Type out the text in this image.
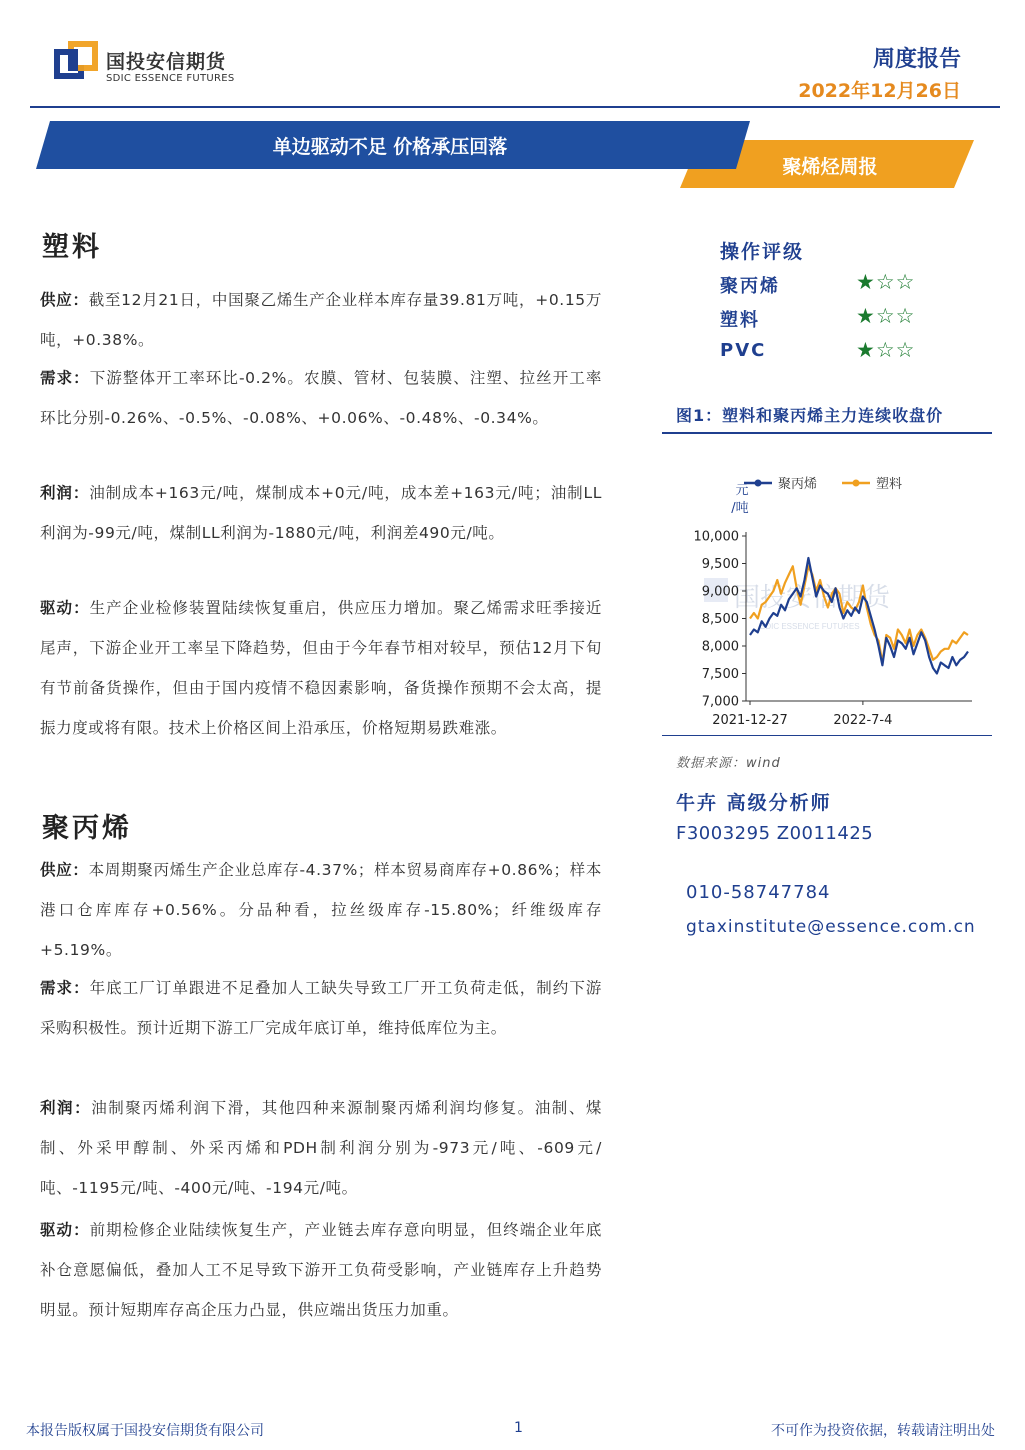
国投安信期货
SDIC ESSENCE FUTURES
周度报告
2022年12月26日
单边驱动不足 价格承压回落
聚烯烃周报
塑料
供应：截至12月21日，中国聚乙烯生产企业样本库存量39.81万吨，+0.15万吨，+0.38%。
需求：下游整体开工率环比-0.2%。农膜、管材、包装膜、注塑、拉丝开工率环比分别-0.26%、-0.5%、-0.08%、+0.06%、-0.48%、-0.34%。
利润：油制成本+163元/吨，煤制成本+0元/吨，成本差+163元/吨；油制LL利润为-99元/吨，煤制LL利润为-1880元/吨，利润差490元/吨。
驱动：生产企业检修装置陆续恢复重启，供应压力增加。聚乙烯需求旺季接近尾声，下游企业开工率呈下降趋势，但由于今年春节相对较早，预估12月下旬有节前备货操作，但由于国内疫情不稳因素影响，备货操作预期不会太高，提振力度或将有限。技术上价格区间上沿承压，价格短期易跌难涨。
聚丙烯
供应：本周期聚丙烯生产企业总库存-4.37%；样本贸易商库存+0.86%；样本港口仓库库存+0.56%。分品种看，拉丝级库存-15.80%；纤维级库存+5.19%。
需求：年底工厂订单跟进不足叠加人工缺失导致工厂开工负荷走低，制约下游采购积极性。预计近期下游工厂完成年底订单，维持低库位为主。
利润：油制聚丙烯利润下滑，其他四种来源制聚丙烯利润均修复。油制、煤制、外采甲醇制、外采丙烯和PDH制利润分别为-973元/吨、-609元/吨、-1195元/吨、-400元/吨、-194元/吨。
驱动：前期检修企业陆续恢复生产，产业链去库存意向明显，但终端企业年底补仓意愿偏低，叠加人工不足导致下游开工负荷受影响，产业链库存上升趋势明显。预计短期库存高企压力凸显，供应端出货压力加重。
操作评级
聚丙烯	★☆☆
塑料	★☆☆
PVC	★☆☆
图1：塑料和聚丙烯主力连续收盘价
国投安信期货
SDIC ESSENCE FUTURES
聚丙烯	塑料
元
/吨
10,000
9,500
9,000
8,500
8,000
7,500
7,000
2021-12-27	2022-7-4
数据来源：wind
牛卉 高级分析师
F3003295 Z0011425
010-58747784
gtaxinstitute@essence.com.cn
本报告版权属于国投安信期货有限公司	1	不可作为投资依据，转载请注明出处
